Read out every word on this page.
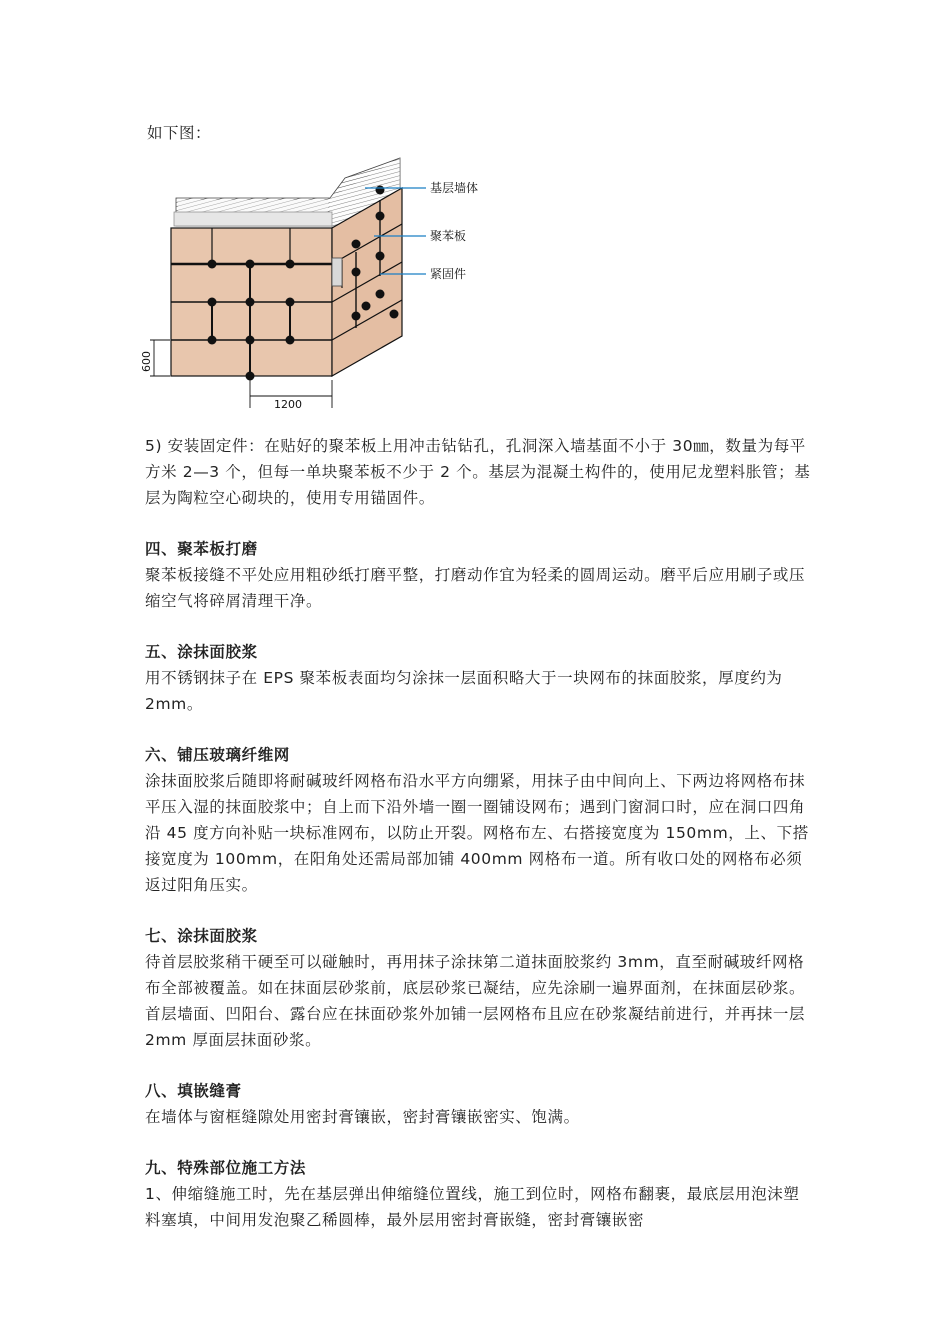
如下图：

基层墙体
聚苯板
紧固件
600
1200

5) 安装固定件：在贴好的聚苯板上用冲击钻钻孔，孔洞深入墙基面不小于 30㎜，数量为每平方米 2—3 个，但每一单块聚苯板不少于 2 个。基层为混凝土构件的，使用尼龙塑料胀管；基层为陶粒空心砌块的，使用专用锚固件。

四、聚苯板打磨

聚苯板接缝不平处应用粗砂纸打磨平整，打磨动作宜为轻柔的圆周运动。磨平后应用刷子或压缩空气将碎屑清理干净。

五、涂抹面胶浆

用不锈钢抹子在 EPS 聚苯板表面均匀涂抹一层面积略大于一块网布的抹面胶浆，厚度约为 2mm。

六、铺压玻璃纤维网

涂抹面胶浆后随即将耐碱玻纤网格布沿水平方向绷紧，用抹子由中间向上、下两边将网格布抹平压入湿的抹面胶浆中；自上而下沿外墙一圈一圈铺设网布；遇到门窗洞口时，应在洞口四角沿 45 度方向补贴一块标准网布，以防止开裂。网格布左、右搭接宽度为 150mm，上、下搭接宽度为 100mm，在阳角处还需局部加铺 400mm 网格布一道。所有收口处的网格布必须返过阳角压实。

七、涂抹面胶浆

待首层胶浆稍干硬至可以碰触时，再用抹子涂抹第二道抹面胶浆约 3mm，直至耐碱玻纤网格布全部被覆盖。如在抹面层砂浆前，底层砂浆已凝结，应先涂刷一遍界面剂，在抹面层砂浆。首层墙面、凹阳台、露台应在抹面砂浆外加铺一层网格布且应在砂浆凝结前进行，并再抹一层 2mm 厚面层抹面砂浆。

八、填嵌缝膏

在墙体与窗框缝隙处用密封膏镶嵌，密封膏镶嵌密实、饱满。

九、特殊部位施工方法

1、伸缩缝施工时，先在基层弹出伸缩缝位置线，施工到位时，网格布翻裹，最底层用泡沫塑料塞填，中间用发泡聚乙稀圆棒，最外层用密封膏嵌缝，密封膏镶嵌密
